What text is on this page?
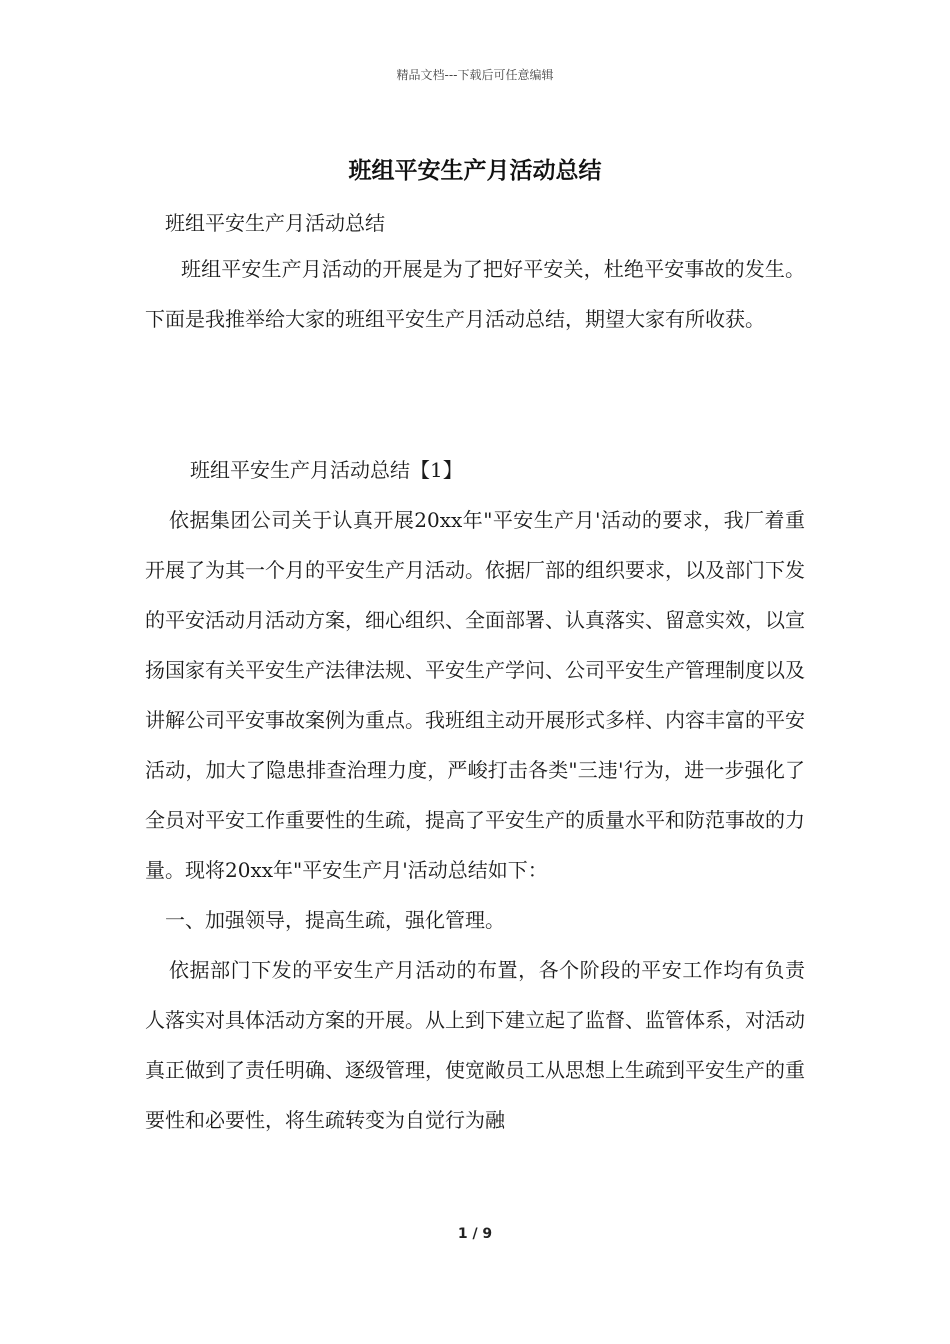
精品文档---下载后可任意编辑
班组平安生产月活动总结
班组平安生产月活动总结

班组平安生产月活动的开展是为了把好平安关，杜绝平安事故的发生。下面是我推举给大家的班组平安生产月活动总结，期望大家有所收获。

班组平安生产月活动总结【1】

依据集团公司关于认真开展20xx年"平安生产月'活动的要求，我厂着重开展了为其一个月的平安生产月活动。依据厂部的组织要求，以及部门下发的平安活动月活动方案，细心组织、全面部署、认真落实、留意实效，以宣扬国家有关平安生产法律法规、平安生产学问、公司平安生产管理制度以及讲解公司平安事故案例为重点。我班组主动开展形式多样、内容丰富的平安活动，加大了隐患排查治理力度，严峻打击各类"三违'行为，进一步强化了全员对平安工作重要性的生疏，提高了平安生产的质量水平和防范事故的力量。现将20xx年"平安生产月'活动总结如下：

一、加强领导，提高生疏，强化管理。

依据部门下发的平安生产月活动的布置，各个阶段的平安工作均有负责人落实对具体活动方案的开展。从上到下建立起了监督、监管体系，对活动真正做到了责任明确、逐级管理，使宽敞员工从思想上生疏到平安生产的重要性和必要性，将生疏转变为自觉行为融

1 / 9
